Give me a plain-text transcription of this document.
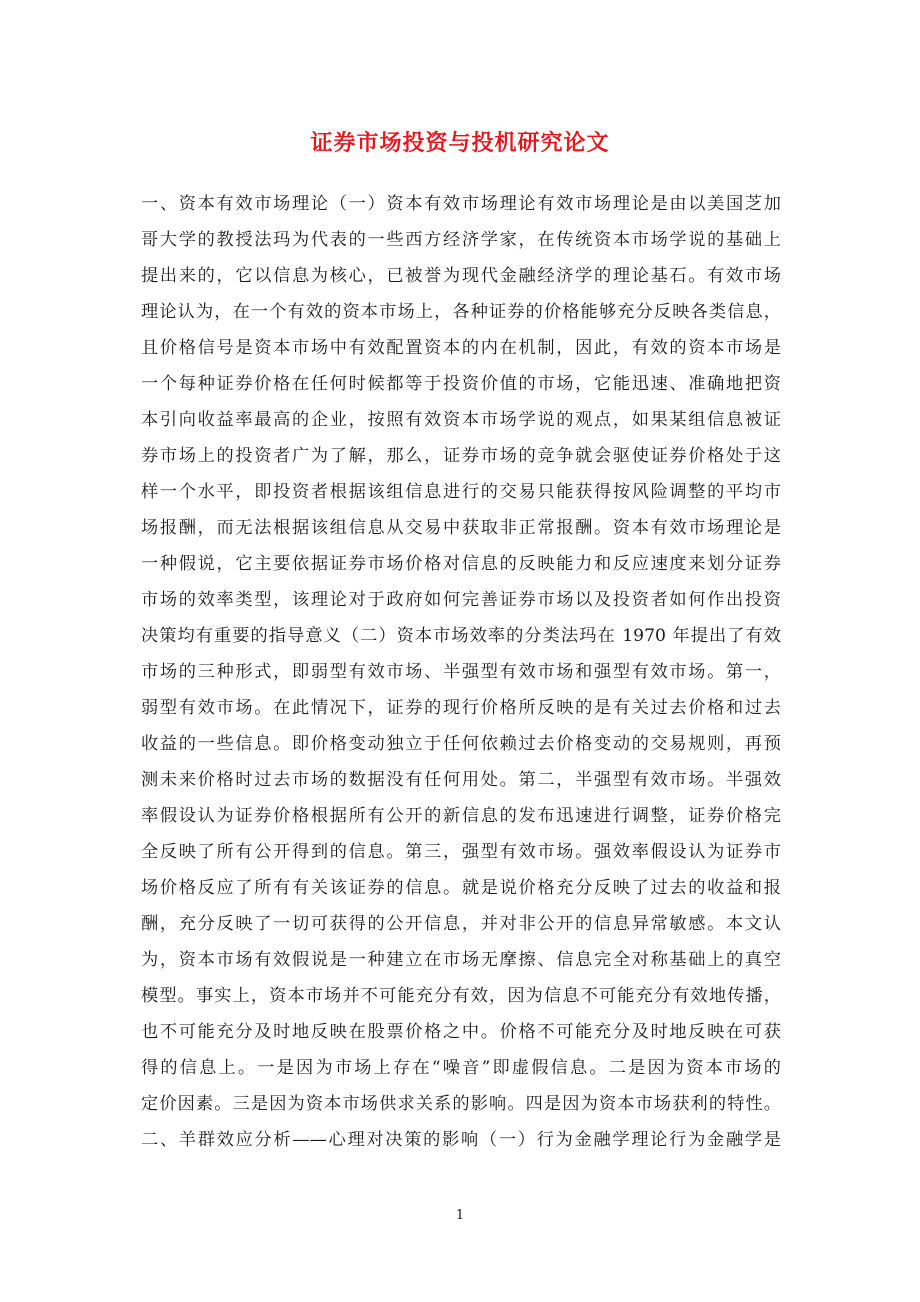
证券市场投资与投机研究论文
一、资本有效市场理论（一）资本有效市场理论有效市场理论是由以美国芝加
哥大学的教授法玛为代表的一些西方经济学家，在传统资本市场学说的基础上
提出来的，它以信息为核心，已被誉为现代金融经济学的理论基石。有效市场
理论认为，在一个有效的资本市场上，各种证券的价格能够充分反映各类信息，
且价格信号是资本市场中有效配置资本的内在机制，因此，有效的资本市场是
一个每种证券价格在任何时候都等于投资价值的市场，它能迅速、准确地把资
本引向收益率最高的企业，按照有效资本市场学说的观点，如果某组信息被证
券市场上的投资者广为了解，那么，证券市场的竞争就会驱使证券价格处于这
样一个水平，即投资者根据该组信息进行的交易只能获得按风险调整的平均市
场报酬，而无法根据该组信息从交易中获取非正常报酬。资本有效市场理论是
一种假说，它主要依据证券市场价格对信息的反映能力和反应速度来划分证券
市场的效率类型，该理论对于政府如何完善证券市场以及投资者如何作出投资
决策均有重要的指导意义（二）资本市场效率的分类法玛在 1970 年提出了有效
市场的三种形式，即弱型有效市场、半强型有效市场和强型有效市场。第一，
弱型有效市场。在此情况下，证券的现行价格所反映的是有关过去价格和过去
收益的一些信息。即价格变动独立于任何依赖过去价格变动的交易规则，再预
测未来价格时过去市场的数据没有任何用处。第二，半强型有效市场。半强效
率假设认为证券价格根据所有公开的新信息的发布迅速进行调整，证券价格完
全反映了所有公开得到的信息。第三，强型有效市场。强效率假设认为证券市
场价格反应了所有有关该证券的信息。就是说价格充分反映了过去的收益和报
酬，充分反映了一切可获得的公开信息，并对非公开的信息异常敏感。本文认
为，资本市场有效假说是一种建立在市场无摩擦、信息完全对称基础上的真空
模型。事实上，资本市场并不可能充分有效，因为信息不可能充分有效地传播，
也不可能充分及时地反映在股票价格之中。价格不可能充分及时地反映在可获
得的信息上。一是因为市场上存在“噪音”即虚假信息。二是因为资本市场的
定价因素。三是因为资本市场供求关系的影响。四是因为资本市场获利的特性。
二、羊群效应分析——心理对决策的影响（一）行为金融学理论行为金融学是
1
